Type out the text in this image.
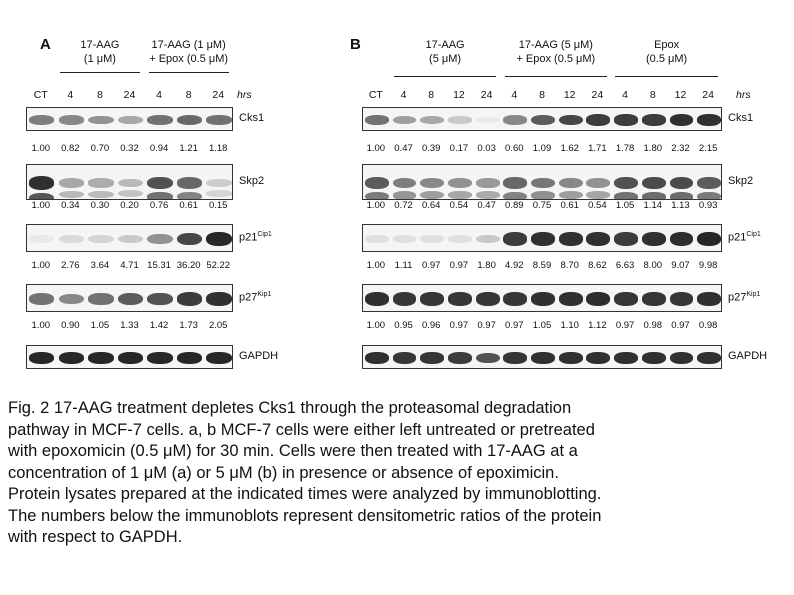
A	17-AAG
(1 μM)
17-AAG (1 μM)
+ Epox (0.5 μM)
CT	4	8	24	4	8	24	hrs
Cks1
1.00	0.82	0.70	0.32	0.94	1.21	1.18
Skp2
1.00	0.34	0.30	0.20	0.76	0.61	0.15
$p21^{Cip1}$
1.00	2.76	3.64	4.71 15.31 36.20 52.22
$p27^{Kip1}$
1.00	0.90	1.05	1.33	1.42	1.73	2.05
GAPDH
B	17-AAG
(5 μM)
17-AAG (5 μM)
+ Epox (0.5 μM)
Epox
(0.5 μM)
CT	4	8	12	24	4	8	12	24	4	8	12	24	hrs
Cks1
1.00 0.47 0.39 0.17 0.03 0.60 1.09 1.62 1.71 1.78 1.80 2.32 2.15
Skp2
1.00 0.72 0.64 0.54 0.47 0.89 0.75 0.61 0.54 1.05 1.14 1.13 0.93
$p21^{Cip1}$
1.00	1.11	0.97 0.97 1.80 4.92 8.59 8.70 8.62 6.63 8.00 9.07 9.98
$p27^{Kip1}$
1.00 0.95 0.96 0.97 0.97 0.97 1.05 1.10 1.12 0.97 0.98 0.97 0.98
GAPDH
Fig. 2 17-AAG treatment depletes Cks1 through the proteasomal degradation
pathway in MCF-7 cells. a, b MCF-7 cells were either left untreated or pretreated
with epoxomicin (0.5 μM) for 30 min. Cells were then treated with 17-AAG at a
concentration of 1 μM (a) or 5 μM (b) in presence or absence of epoximicin.
Protein lysates prepared at the indicated times were analyzed by immunoblotting.
The numbers below the immunoblots represent densitometric ratios of the protein
with respect to GAPDH.
